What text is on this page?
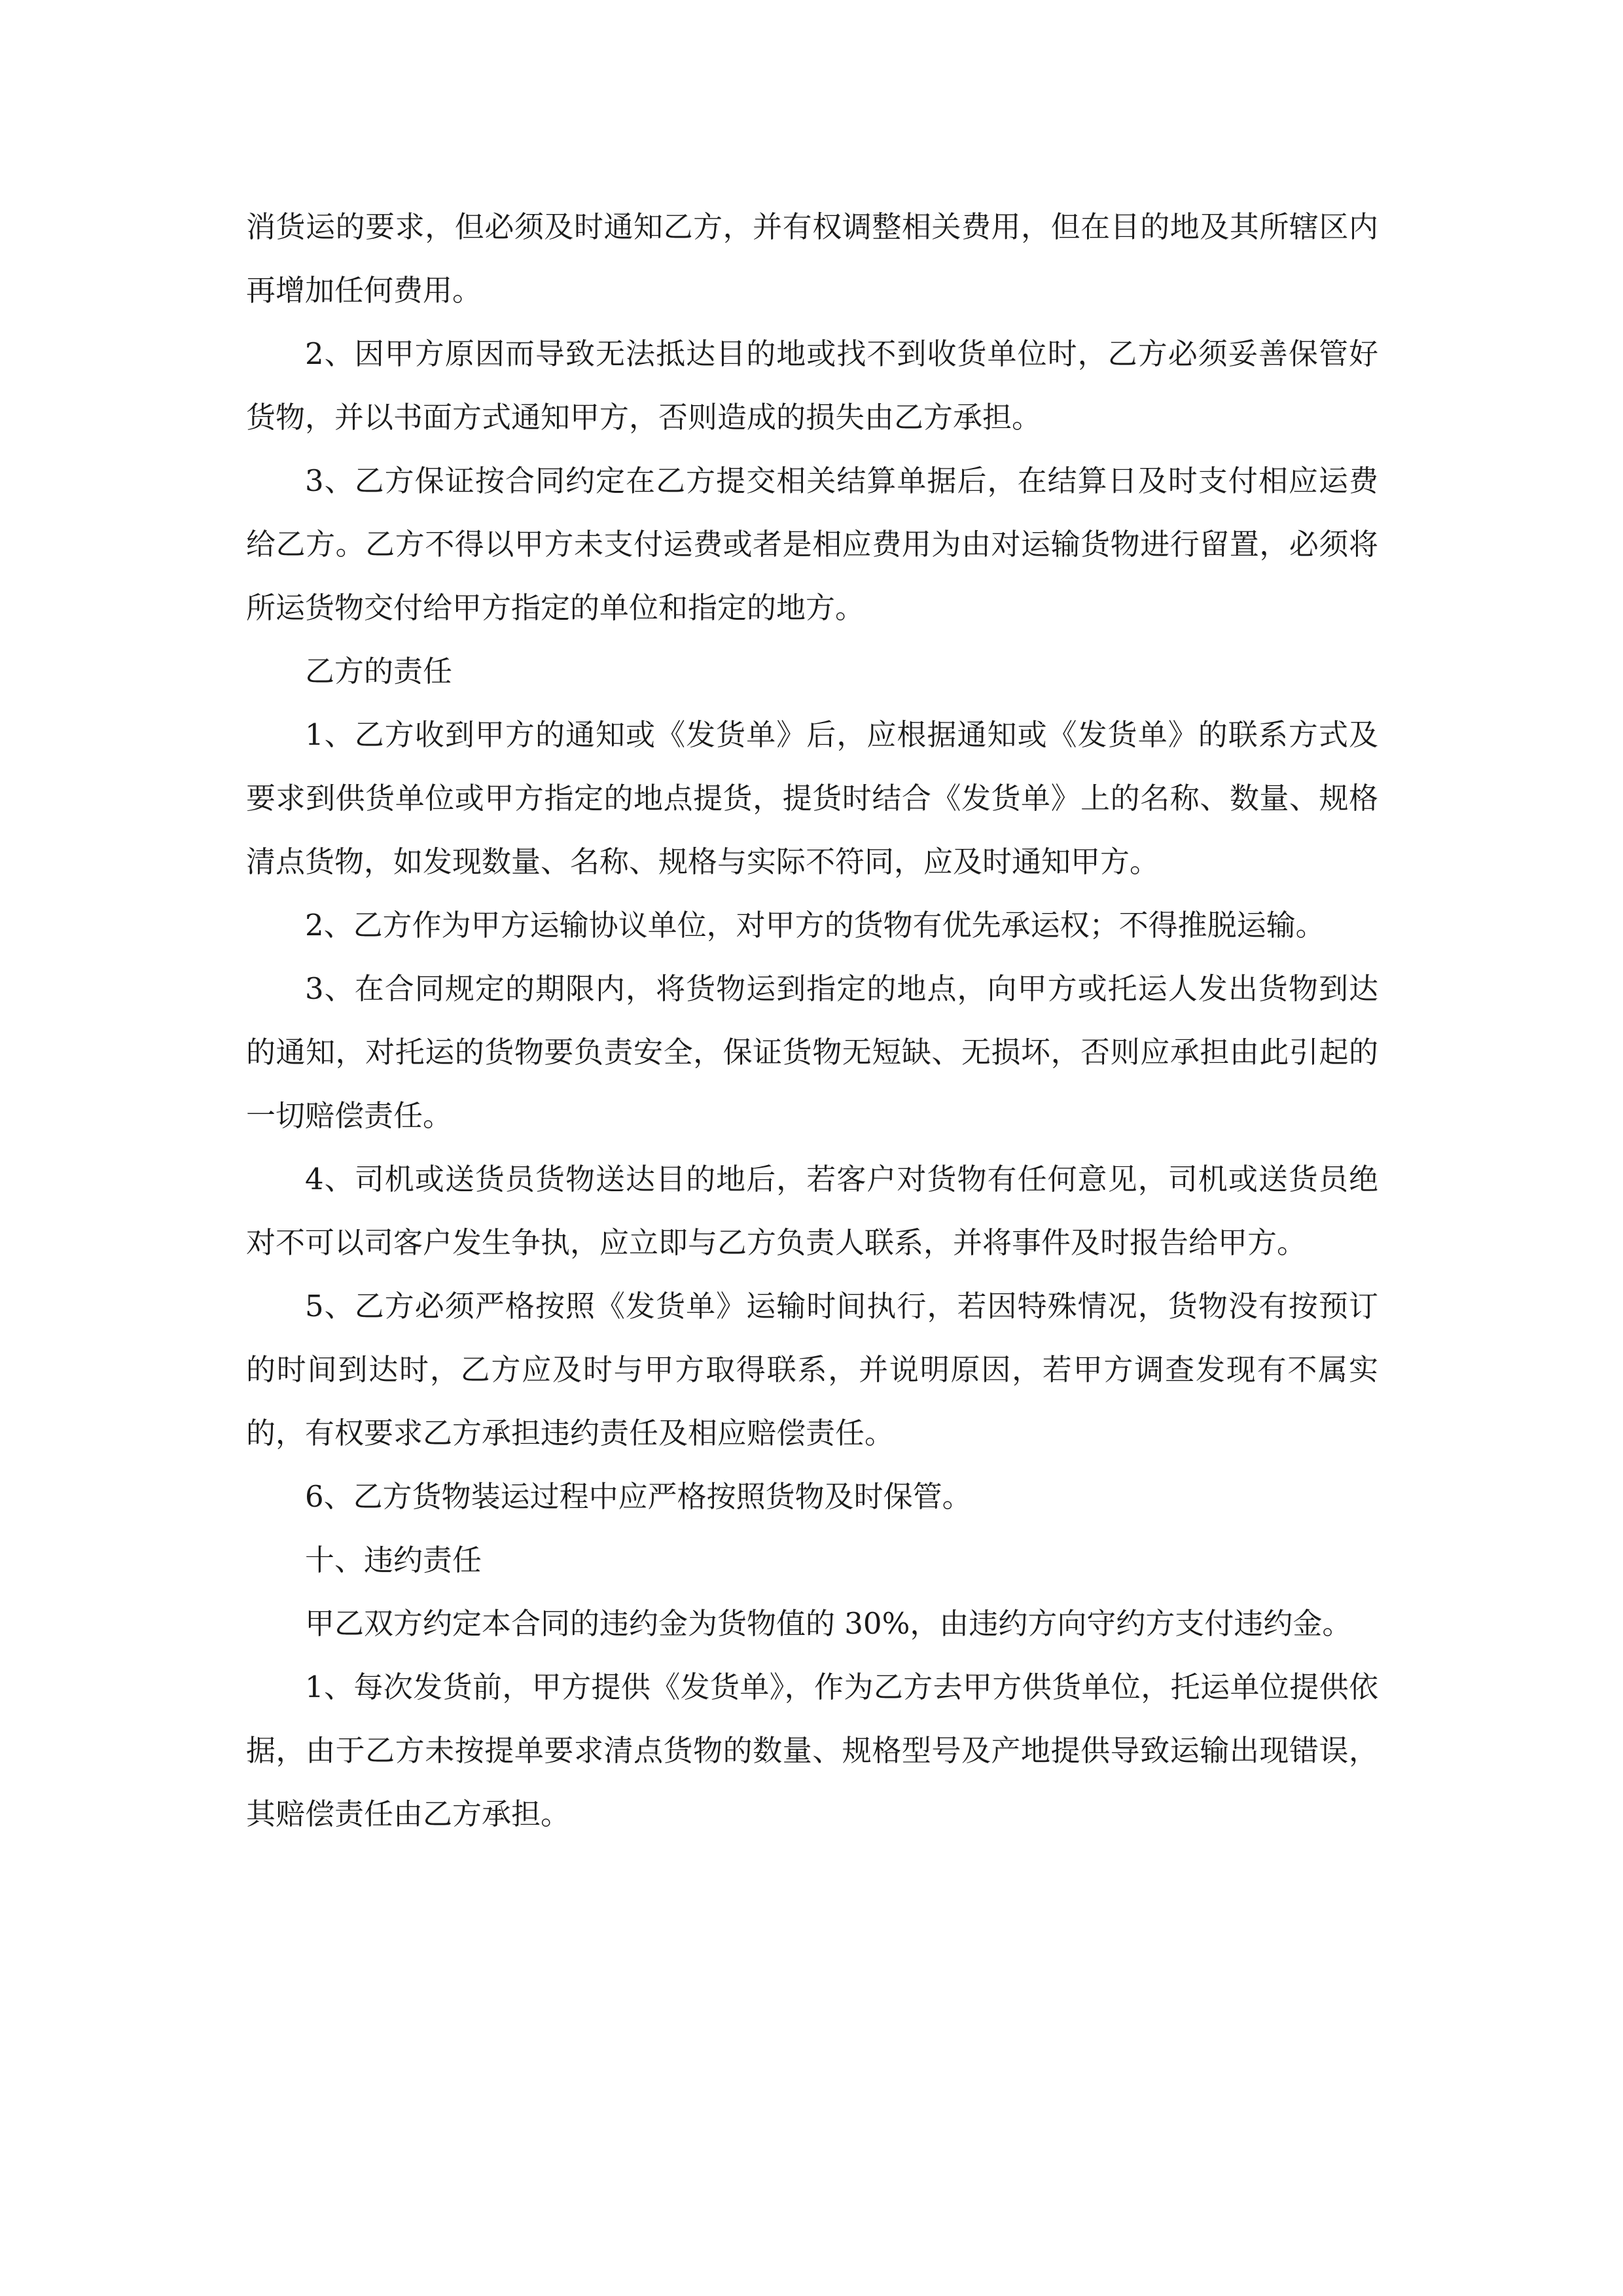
消货运的要求，但必须及时通知乙方，并有权调整相关费用，但在目的地及其所辖区内再增加任何费用。

2、因甲方原因而导致无法抵达目的地或找不到收货单位时，乙方必须妥善保管好货物，并以书面方式通知甲方，否则造成的损失由乙方承担。

3、乙方保证按合同约定在乙方提交相关结算单据后，在结算日及时支付相应运费给乙方。乙方不得以甲方未支付运费或者是相应费用为由对运输货物进行留置，必须将所运货物交付给甲方指定的单位和指定的地方。

乙方的责任

1、乙方收到甲方的通知或《发货单》后，应根据通知或《发货单》的联系方式及要求到供货单位或甲方指定的地点提货，提货时结合《发货单》上的名称、数量、规格清点货物，如发现数量、名称、规格与实际不符同，应及时通知甲方。

2、乙方作为甲方运输协议单位，对甲方的货物有优先承运权；不得推脱运输。

3、在合同规定的期限内，将货物运到指定的地点，向甲方或托运人发出货物到达的通知，对托运的货物要负责安全，保证货物无短缺、无损坏，否则应承担由此引起的一切赔偿责任。

4、司机或送货员货物送达目的地后，若客户对货物有任何意见，司机或送货员绝对不可以司客户发生争执，应立即与乙方负责人联系，并将事件及时报告给甲方。

5、乙方必须严格按照《发货单》运输时间执行，若因特殊情况，货物没有按预订的时间到达时，乙方应及时与甲方取得联系，并说明原因，若甲方调查发现有不属实的，有权要求乙方承担违约责任及相应赔偿责任。

6、乙方货物装运过程中应严格按照货物及时保管。

十、违约责任

甲乙双方约定本合同的违约金为货物值的 30%，由违约方向守约方支付违约金。

1、每次发货前，甲方提供《发货单》，作为乙方去甲方供货单位，托运单位提供依据，由于乙方未按提单要求清点货物的数量、规格型号及产地提供导致运输出现错误，其赔偿责任由乙方承担。
